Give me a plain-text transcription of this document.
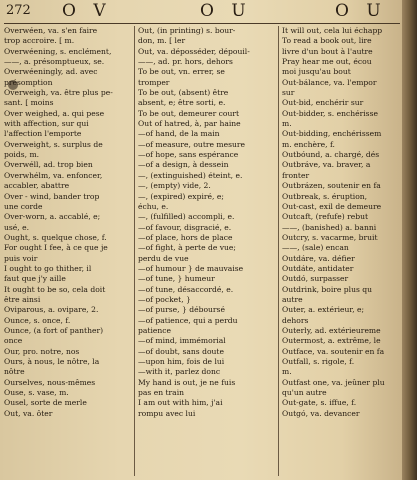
272 O V	O U	O U
Overwéen, va. s'en faire
trop accroire. [ m.
Overwéening, s. enclément,
——, a. présomptueux, se.
Overwéeningly, ad. avec
présomption
Overweigh, va. être plus pe-
sant. [ moins
Over weighed, a. qui pese
with affection, sur qui
l'affection l'emporte
Overweight, s. surplus de
poids, m.
Overwéll, ad. trop bien
Overwhélm, va. enfoncer,
accabler, abattre
Over - wind, bander trop
une corde
Over-worn, a. accablé, e;
usé, e.
Ought, s. quelque chose, f.
For ought I fee, à ce que je
puis voir
I ought to go thither, il
faut que j'y aille
It ought to be so, cela doit
être ainsi
Oviparous, a. ovipare, 2.
Ounce, s. once, f.
Ounce, (a fort of panther)
once
Our, pro. notre, nos
Ours, à nous, le nôtre, la
nôtre
Ourselves, nous-mêmes
Ouse, s. vase, m.
Ousel, sorte de merle
Out, va. ôter
Out, (in printing) s. bour-
don, m. [ ler
Out, va. déposséder, dépouil-
——, ad. pr. hors, dehors
To be out, vn. errer, se
tromper
To be out, (absent) être
absent, e; être sorti, e.
To be out, demeurer court
Out of hatred, à, par haine
—of hand, de la main
—of measure, outre mesure
—of hope, sans espérance
—of a design, à dessein
—, (extinguished) éteint, e.
—, (empty) vide, 2.
—, (expired) expiré, e;
échu, e.
—, (fulfilled) accompli, e.
—of favour, disgracié, e.
—of place, hors de place
—of fight, à perte de vue;
perdu de vue
—of humour } de mauvaise
—of tune, } humeur
—of tune, désaccordé, e.
—of pocket, }
—of purse, } déboursé
—of patience, qui a perdu
patience
—of mind, immémorial
—of doubt, sans doute
—upon him, fois de lui
—with it, parlez donc
My hand is out, je ne fuis
pas en train
I am out with him, j'ai
rompu avec lui
It will out, cela lui échapp
To read a book out, lire
livre d'un bout à l'autre
Pray hear me out, écou
moi jusqu'au bout
Out-bálance, va. l'empor
sur
Out-bid, enchérir sur
Out-bidder, s. enchérisse
m.
Out-bidding, enchérissem
m. enchère, f.
Outbóund, a. chargé, dés
Outbráve, va. braver, a
fronter
Outbrázen, soutenir en fa
Outbreak, s. éruption,
Out-cast, exil de demeure
Outcaft, (refufe) rebut
——, (banished) a. banni
Outcry, s. vacarme, bruit
——, (sale) encan
Outdáre, va. défier
Outdáte, antidater
Outdó, surpasser
Outdrink, boire plus qu
autre
Outer, a. extérieur, e;
dehors
Outerly, ad. extérieureme
Outermost, a. extrême, le
Outface, va. soutenir en fa
Outfall, s. rigole, f.
m.
Outfast one, va. jeûner plu
qu'un autre
Out-gate, s. iffue, f.
Outgó, va. devancer
